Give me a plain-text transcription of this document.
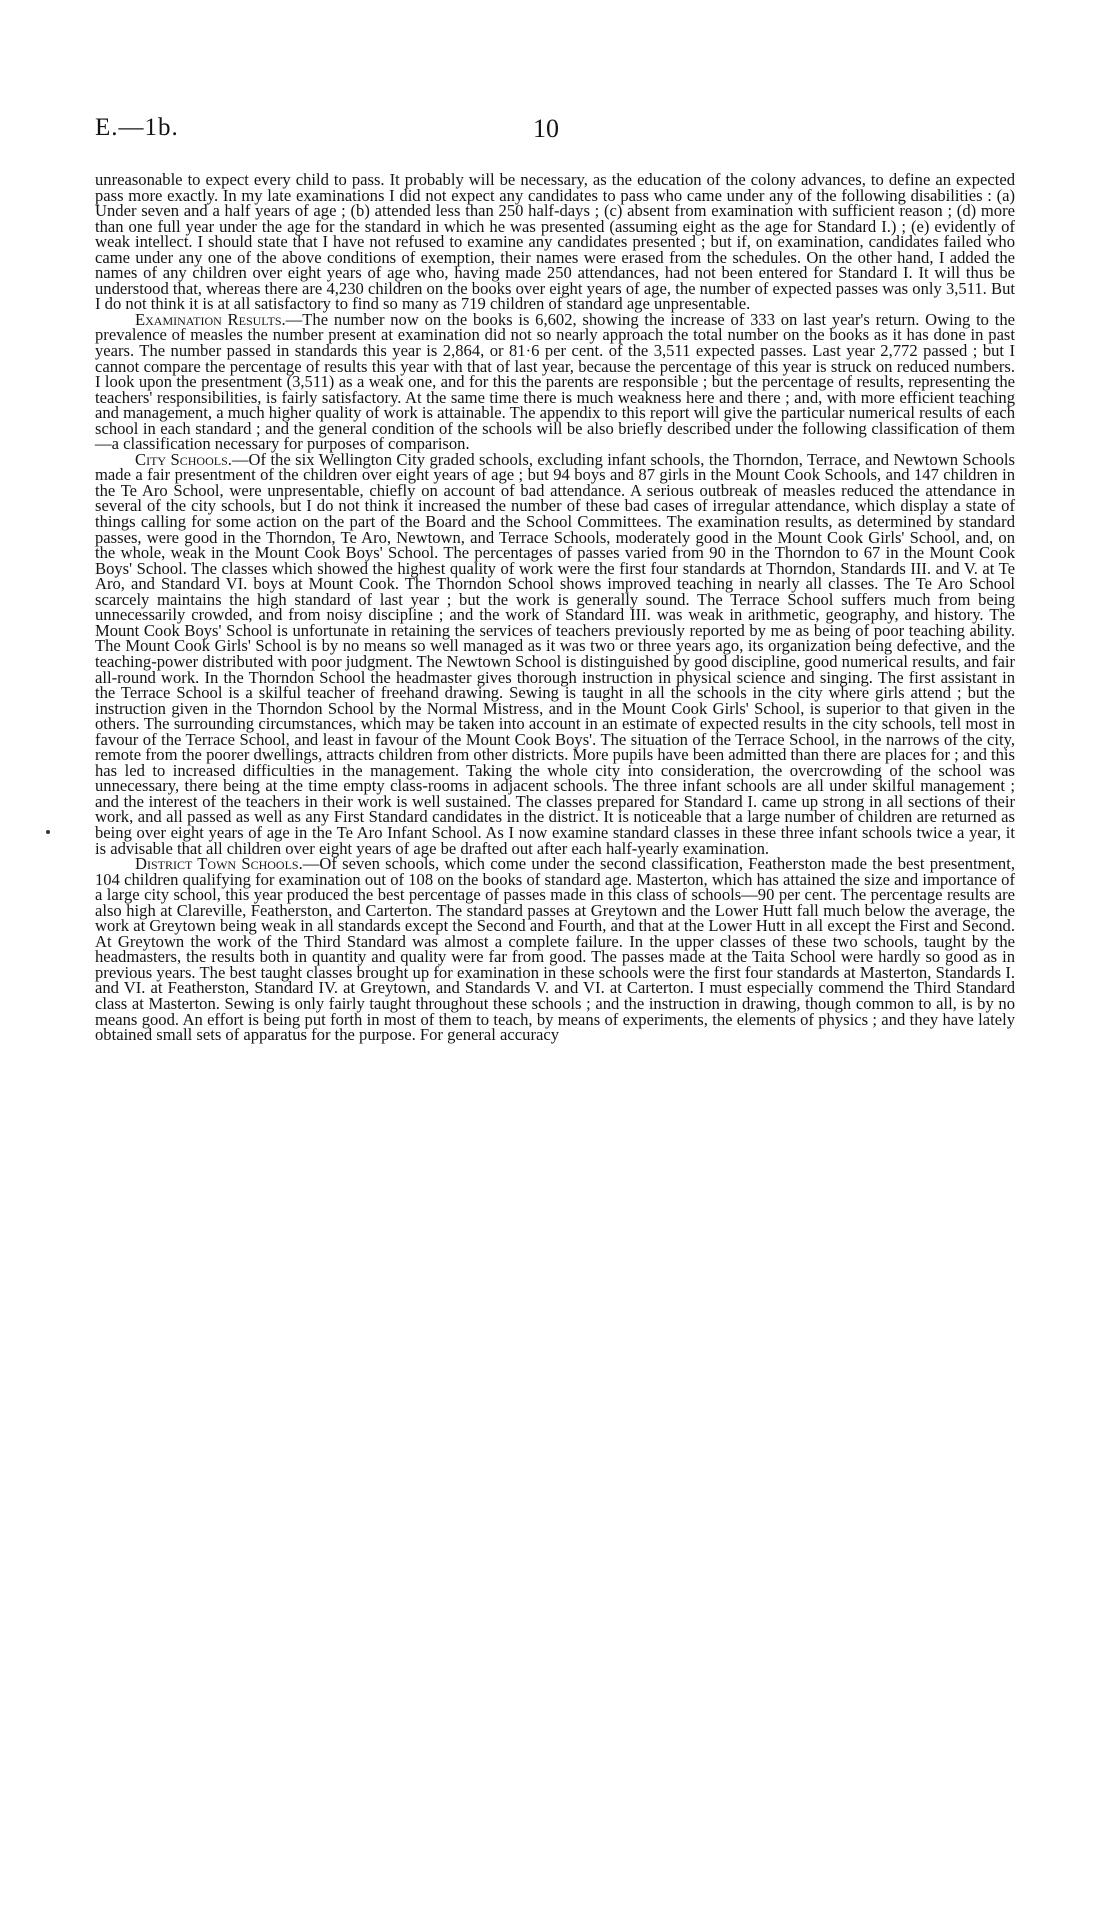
E.—1b.	10

unreasonable to expect every child to pass. It probably will be necessary, as the education of the colony advances, to define an expected pass more exactly. In my late examinations I did not expect any candidates to pass who came under any of the following disabilities : (a) Under seven and a half years of age ; (b) attended less than 250 half-days ; (c) absent from examination with sufficient reason ; (d) more than one full year under the age for the standard in which he was presented (assuming eight as the age for Standard I.) ; (e) evidently of weak intellect. I should state that I have not refused to examine any candidates presented ; but if, on examination, candidates failed who came under any one of the above conditions of exemption, their names were erased from the schedules. On the other hand, I added the names of any children over eight years of age who, having made 250 attendances, had not been entered for Standard I. It will thus be understood that, whereas there are 4,230 children on the books over eight years of age, the number of expected passes was only 3,511. But I do not think it is at all satisfactory to find so many as 719 children of standard age unpresentable.

Examination Results.—The number now on the books is 6,602, showing the increase of 333 on last year's return. Owing to the prevalence of measles the number present at examination did not so nearly approach the total number on the books as it has done in past years. The number passed in standards this year is 2,864, or 81·6 per cent. of the 3,511 expected passes. Last year 2,772 passed ; but I cannot compare the percentage of results this year with that of last year, because the percentage of this year is struck on reduced numbers. I look upon the presentment (3,511) as a weak one, and for this the parents are responsible ; but the percentage of results, representing the teachers' responsibilities, is fairly satisfactory. At the same time there is much weakness here and there ; and, with more efficient teaching and management, a much higher quality of work is attainable. The appendix to this report will give the particular numerical results of each school in each standard ; and the general condition of the schools will be also briefly described under the following classification of them—a classification necessary for purposes of comparison.

City Schools.—Of the six Wellington City graded schools, excluding infant schools, the Thorndon, Terrace, and Newtown Schools made a fair presentment of the children over eight years of age ; but 94 boys and 87 girls in the Mount Cook Schools, and 147 children in the Te Aro School, were unpresentable, chiefly on account of bad attendance. A serious outbreak of measles reduced the attendance in several of the city schools, but I do not think it increased the number of these bad cases of irregular attendance, which display a state of things calling for some action on the part of the Board and the School Committees. The examination results, as determined by standard passes, were good in the Thorndon, Te Aro, Newtown, and Terrace Schools, moderately good in the Mount Cook Girls' School, and, on the whole, weak in the Mount Cook Boys' School. The percentages of passes varied from 90 in the Thorndon to 67 in the Mount Cook Boys' School. The classes which showed the highest quality of work were the first four standards at Thorndon, Standards III. and V. at Te Aro, and Standard VI. boys at Mount Cook. The Thorndon School shows improved teaching in nearly all classes. The Te Aro School scarcely maintains the high standard of last year ; but the work is generally sound. The Terrace School suffers much from being unnecessarily crowded, and from noisy discipline ; and the work of Standard III. was weak in arithmetic, geography, and history. The Mount Cook Boys' School is unfortunate in retaining the services of teachers previously reported by me as being of poor teaching ability. The Mount Cook Girls' School is by no means so well managed as it was two or three years ago, its organization being defective, and the teaching-power distributed with poor judgment. The Newtown School is distinguished by good discipline, good numerical results, and fair all-round work. In the Thorndon School the headmaster gives thorough instruction in physical science and singing. The first assistant in the Terrace School is a skilful teacher of freehand drawing. Sewing is taught in all the schools in the city where girls attend ; but the instruction given in the Thorndon School by the Normal Mistress, and in the Mount Cook Girls' School, is superior to that given in the others. The surrounding circumstances, which may be taken into account in an estimate of expected results in the city schools, tell most in favour of the Terrace School, and least in favour of the Mount Cook Boys'. The situation of the Terrace School, in the narrows of the city, remote from the poorer dwellings, attracts children from other districts. More pupils have been admitted than there are places for ; and this has led to increased difficulties in the management. Taking the whole city into consideration, the overcrowding of the school was unnecessary, there being at the time empty class-rooms in adjacent schools. The three infant schools are all under skilful management ; and the interest of the teachers in their work is well sustained. The classes prepared for Standard I. came up strong in all sections of their work, and all passed as well as any First Standard candidates in the district. It is noticeable that a large number of children are returned as being over eight years of age in the Te Aro Infant School. As I now examine standard classes in these three infant schools twice a year, it is advisable that all children over eight years of age be drafted out after each half-yearly examination.

District Town Schools.—Of seven schools, which come under the second classification, Featherston made the best presentment, 104 children qualifying for examination out of 108 on the books of standard age. Masterton, which has attained the size and importance of a large city school, this year produced the best percentage of passes made in this class of schools—90 per cent. The percentage results are also high at Clareville, Featherston, and Carterton. The standard passes at Greytown and the Lower Hutt fall much below the average, the work at Greytown being weak in all standards except the Second and Fourth, and that at the Lower Hutt in all except the First and Second. At Greytown the work of the Third Standard was almost a complete failure. In the upper classes of these two schools, taught by the headmasters, the results both in quantity and quality were far from good. The passes made at the Taita School were hardly so good as in previous years. The best taught classes brought up for examination in these schools were the first four standards at Masterton, Standards I. and VI. at Featherston, Standard IV. at Greytown, and Standards V. and VI. at Carterton. I must especially commend the Third Standard class at Masterton. Sewing is only fairly taught throughout these schools ; and the instruction in drawing, though common to all, is by no means good. An effort is being put forth in most of them to teach, by means of experiments, the elements of physics ; and they have lately obtained small sets of apparatus for the purpose. For general accuracy
